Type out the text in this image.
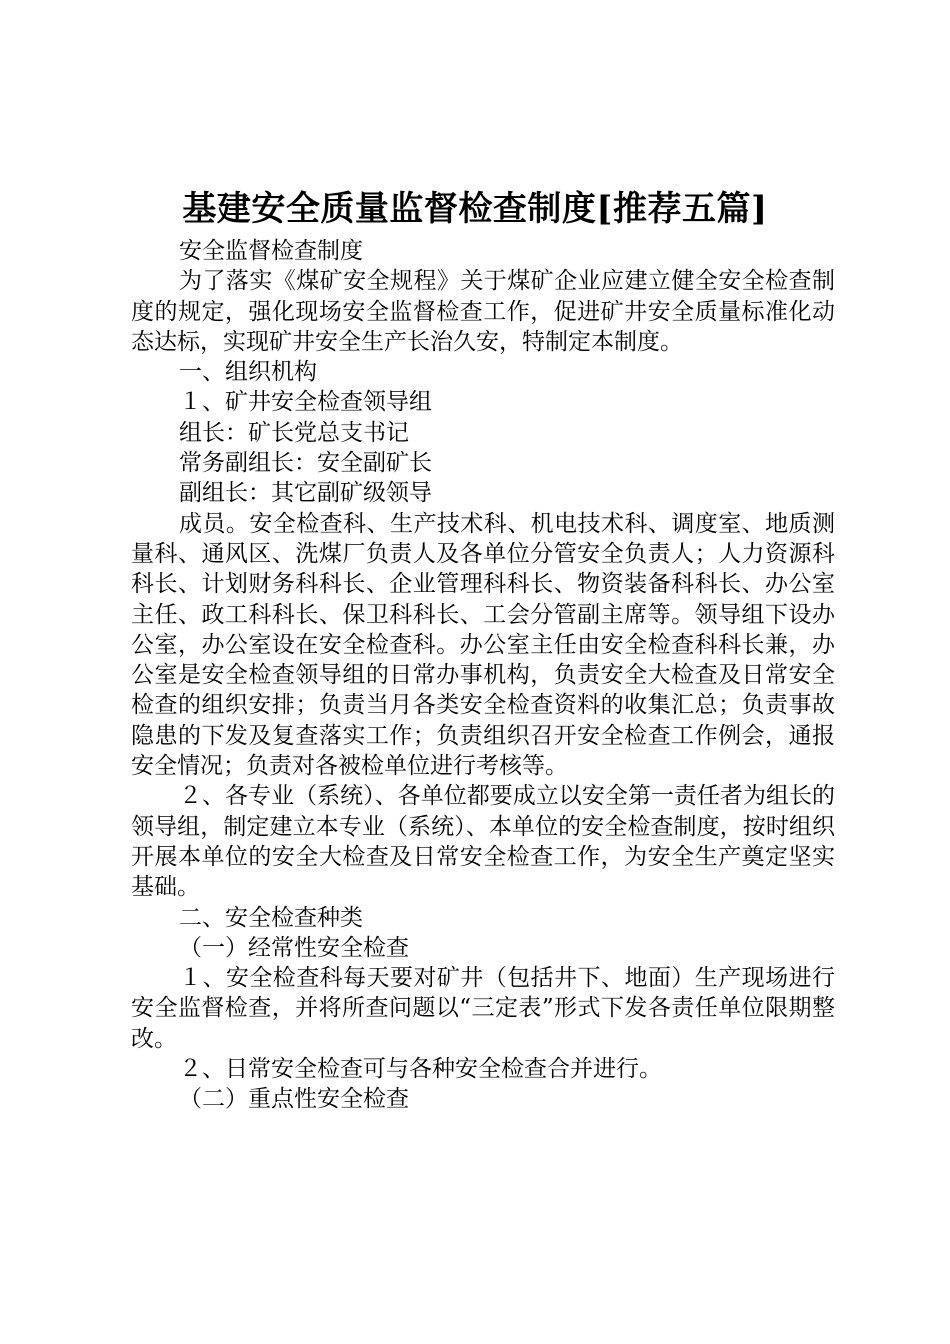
基建安全质量监督检查制度[推荐五篇]

安全监督检查制度

为了落实《煤矿安全规程》关于煤矿企业应建立健全安全检查制度的规定，强化现场安全监督检查工作，促进矿井安全质量标准化动态达标，实现矿井安全生产长治久安，特制定本制度。

一、组织机构

１、矿井安全检查领导组

组长：矿长党总支书记

常务副组长：安全副矿长

副组长：其它副矿级领导

成员。安全检查科、生产技术科、机电技术科、调度室、地质测量科、通风区、洗煤厂负责人及各单位分管安全负责人；人力资源科科长、计划财务科科长、企业管理科科长、物资装备科科长、办公室主任、政工科科长、保卫科科长、工会分管副主席等。领导组下设办公室，办公室设在安全检查科。办公室主任由安全检查科科长兼，办公室是安全检查领导组的日常办事机构，负责安全大检查及日常安全检查的组织安排；负责当月各类安全检查资料的收集汇总；负责事故隐患的下发及复查落实工作；负责组织召开安全检查工作例会，通报安全情况；负责对各被检单位进行考核等。

２、各专业（系统）、各单位都要成立以安全第一责任者为组长的领导组，制定建立本专业（系统）、本单位的安全检查制度，按时组织开展本单位的安全大检查及日常安全检查工作，为安全生产奠定坚实基础。

二、安全检查种类

（一）经常性安全检查

１、安全检查科每天要对矿井（包括井下、地面）生产现场进行安全监督检查，并将所查问题以“三定表”形式下发各责任单位限期整改。

２、日常安全检查可与各种安全检查合并进行。

（二）重点性安全检查
